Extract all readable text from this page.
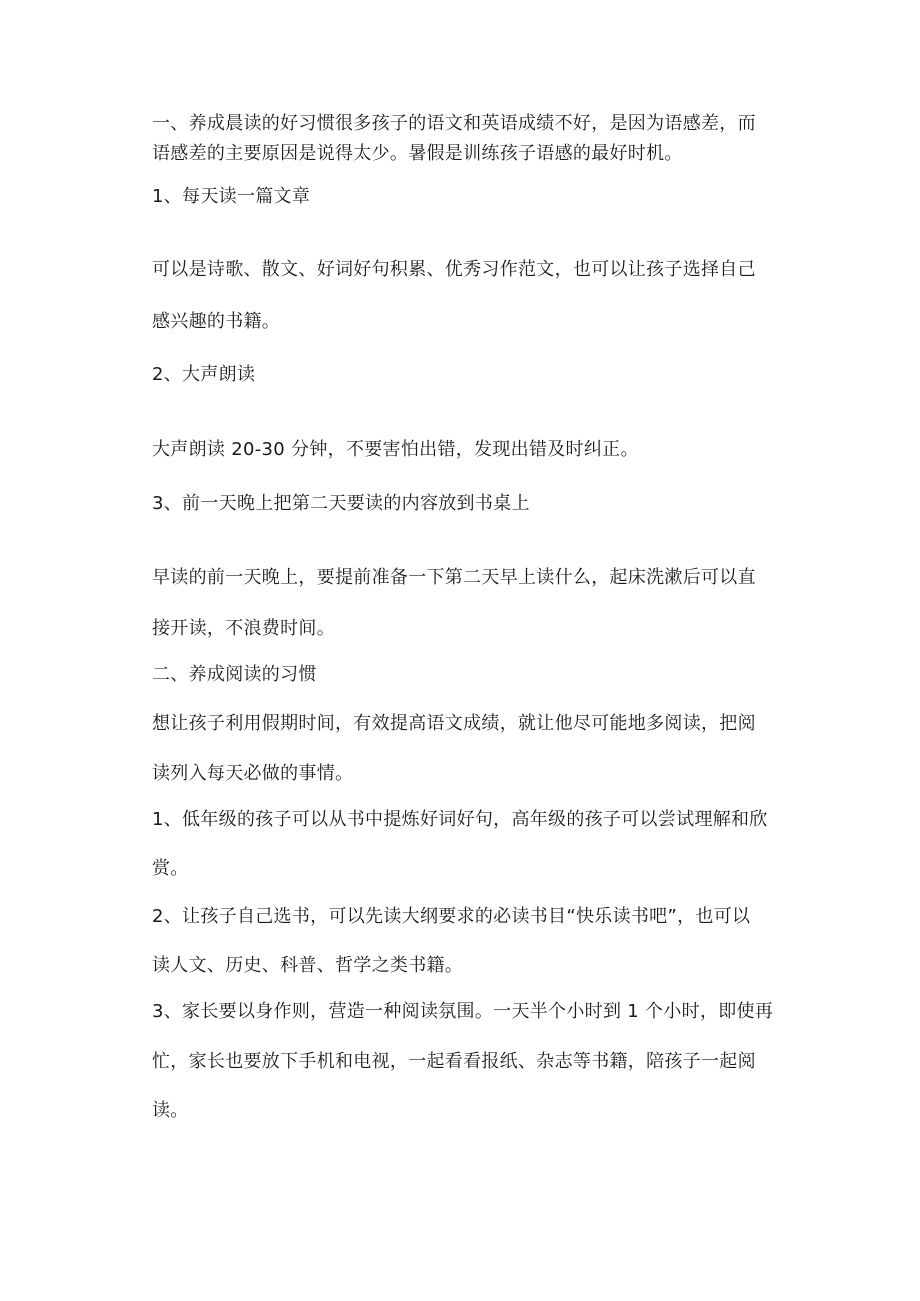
一、养成晨读的好习惯很多孩子的语文和英语成绩不好，是因为语感差，而
语感差的主要原因是说得太少。暑假是训练孩子语感的最好时机。
1、每天读一篇文章
可以是诗歌、散文、好词好句积累、优秀习作范文，也可以让孩子选择自己
感兴趣的书籍。
2、大声朗读
大声朗读 20-30 分钟，不要害怕出错，发现出错及时纠正。
3、前一天晚上把第二天要读的内容放到书桌上
早读的前一天晚上，要提前准备一下第二天早上读什么，起床洗漱后可以直
接开读，不浪费时间。
二、养成阅读的习惯
想让孩子利用假期时间，有效提高语文成绩，就让他尽可能地多阅读，把阅
读列入每天必做的事情。
1、低年级的孩子可以从书中提炼好词好句，高年级的孩子可以尝试理解和欣
赏。
2、让孩子自己选书，可以先读大纲要求的必读书目“快乐读书吧”，也可以
读人文、历史、科普、哲学之类书籍。
3、家长要以身作则，营造一种阅读氛围。一天半个小时到 1 个小时，即使再
忙，家长也要放下手机和电视，一起看看报纸、杂志等书籍，陪孩子一起阅
读。
